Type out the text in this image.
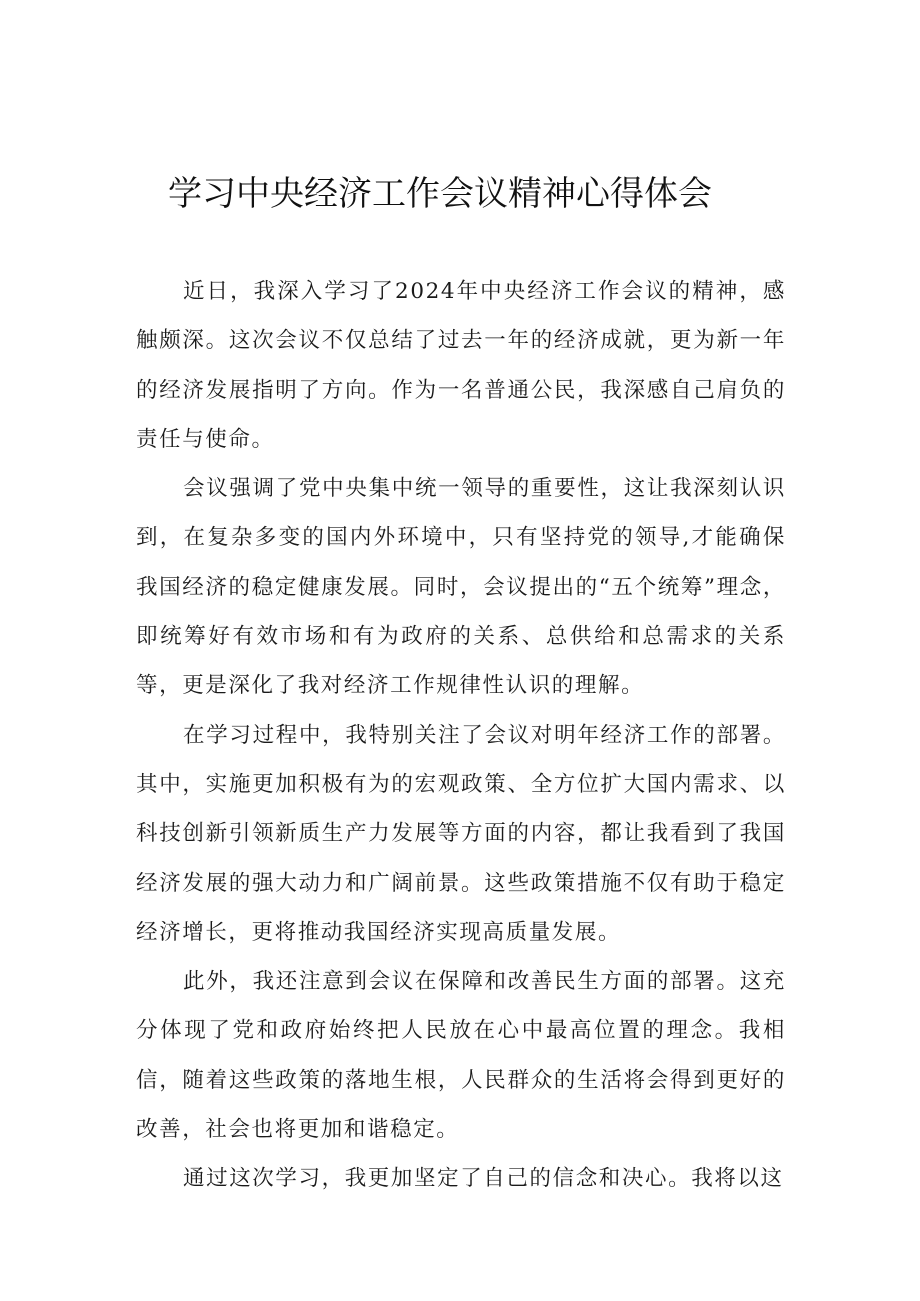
学习中央经济工作会议精神心得体会

近日，我深入学习了2024年中央经济工作会议的精神，感触颇深。这次会议不仅总结了过去一年的经济成就，更为新一年的经济发展指明了方向。作为一名普通公民，我深感自己肩负的责任与使命。

会议强调了党中央集中统一领导的重要性，这让我深刻认识到，在复杂多变的国内外环境中，只有坚持党的领导,才能确保我国经济的稳定健康发展。同时，会议提出的“五个统筹”理念，即统筹好有效市场和有为政府的关系、总供给和总需求的关系等，更是深化了我对经济工作规律性认识的理解。

在学习过程中，我特别关注了会议对明年经济工作的部署。其中，实施更加积极有为的宏观政策、全方位扩大国内需求、以科技创新引领新质生产力发展等方面的内容，都让我看到了我国经济发展的强大动力和广阔前景。这些政策措施不仅有助于稳定经济增长，更将推动我国经济实现高质量发展。

此外，我还注意到会议在保障和改善民生方面的部署。这充分体现了党和政府始终把人民放在心中最高位置的理念。我相信，随着这些政策的落地生根，人民群众的生活将会得到更好的改善，社会也将更加和谐稳定。

通过这次学习，我更加坚定了自己的信念和决心。我将以这
